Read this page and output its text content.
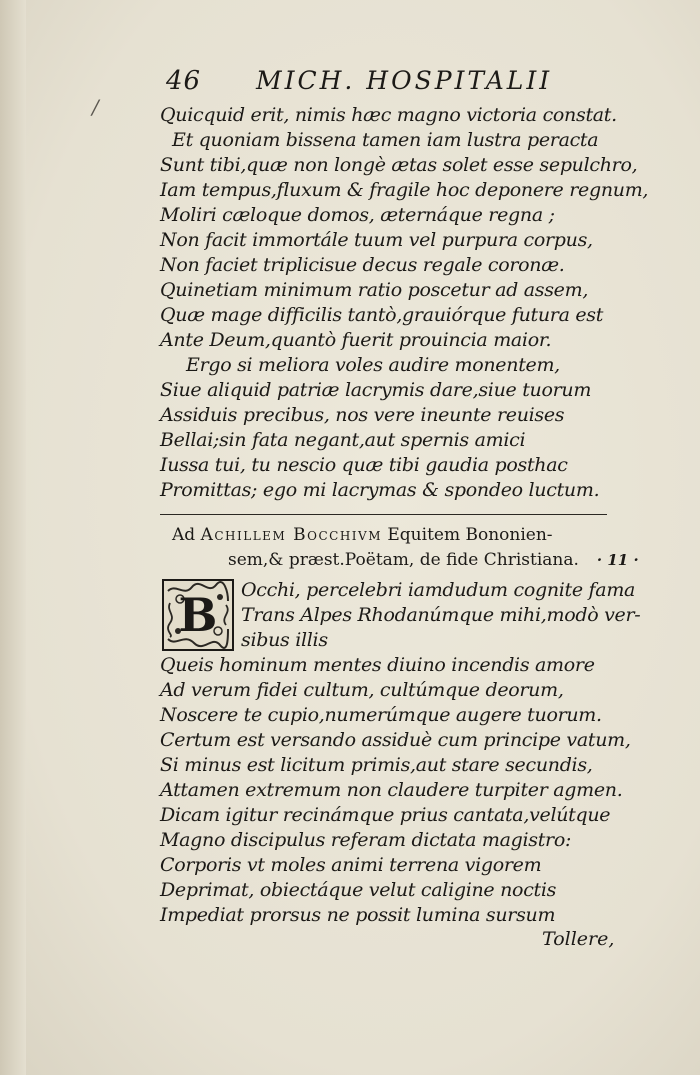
/
46 MICH. HOSPITALII
Quicquid erit, nimis hæc magno victoria constat.
Et quoniam bissena tamen iam lustra peracta
Sunt tibi,quæ non longè ætas solet esse sepulchro,
Iam tempus,fluxum & fragile hoc deponere regnum,
Moliri cæloque domos, æternáque regna ;
Non facit immortále tuum vel purpura corpus,
Non faciet triplicisue decus regale coronæ.
Quinetiam minimum ratio poscetur ad assem,
Quæ mage difficilis tantò,grauiórque futura est
Ante Deum,quantò fuerit prouincia maior.
Ergo si meliora voles audire monentem,
Siue aliquid patriæ lacrymis dare,siue tuorum
Assiduis precibus, nos vere ineunte reuises
Bellai;sin fata negant,aut spernis amici
Iussa tui, tu nescio quæ tibi gaudia posthac
Promittas; ego mi lacrymas & spondeo luctum.
Ad Achillem Bocchivm Equitem Bononien-
sem,& præst.Poëtam, de fide Christiana. · 11 ·
B Occhi, percelebri iamdudum cognite fama
Trans Alpes Rhodanúmque mihi,modò ver-
sibus illis
Queis hominum mentes diuino incendis amore
Ad verum fidei cultum, cultúmque deorum,
Noscere te cupio,numerúmque augere tuorum.
Certum est versando assiduè cum principe vatum,
Si minus est licitum primis,aut stare secundis,
Attamen extremum non claudere turpiter agmen.
Dicam igitur recinámque prius cantata,velútque
Magno discipulus referam dictata magistro:
Corporis vt moles animi terrena vigorem
Deprimat, obiectáque velut caligine noctis
Impediat prorsus ne possit lumina sursum
Tollere,
